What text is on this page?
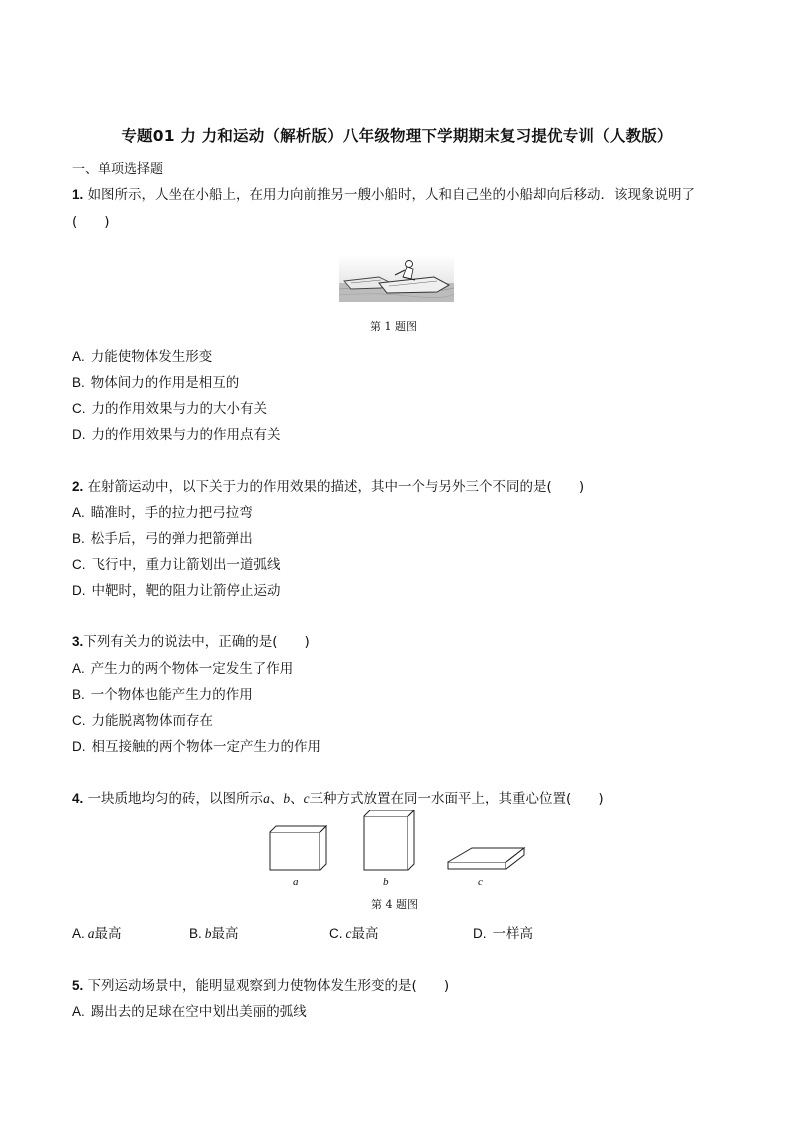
专题01 力 力和运动（解析版）八年级物理下学期期末复习提优专训（人教版）
一、单项选择题
1. 如图所示，人坐在小船上，在用力向前推另一艘小船时，人和自己坐的小船却向后移动．该现象说明了
(　　)
第 1 题图
A. 力能使物体发生形变
B. 物体间力的作用是相互的
C. 力的作用效果与力的大小有关
D. 力的作用效果与力的作用点有关
2. 在射箭运动中，以下关于力的作用效果的描述，其中一个与另外三个不同的是(　　)
A. 瞄准时，手的拉力把弓拉弯
B. 松手后，弓的弹力把箭弹出
C. 飞行中，重力让箭划出一道弧线
D. 中靶时，靶的阻力让箭停止运动
3.下列有关力的说法中，正确的是(　　)
A. 产生力的两个物体一定发生了作用
B. 一个物体也能产生力的作用
C. 力能脱离物体而存在
D. 相互接触的两个物体一定产生力的作用
4. 一块质地均匀的砖，以图所示a、b、c三种方式放置在同一水面平上，其重心位置(　　)
a	b	c
第 4 题图
A. a最高	B. b最高	C. c最高	D. 一样高
5. 下列运动场景中，能明显观察到力使物体发生形变的是(　　)
A. 踢出去的足球在空中划出美丽的弧线
